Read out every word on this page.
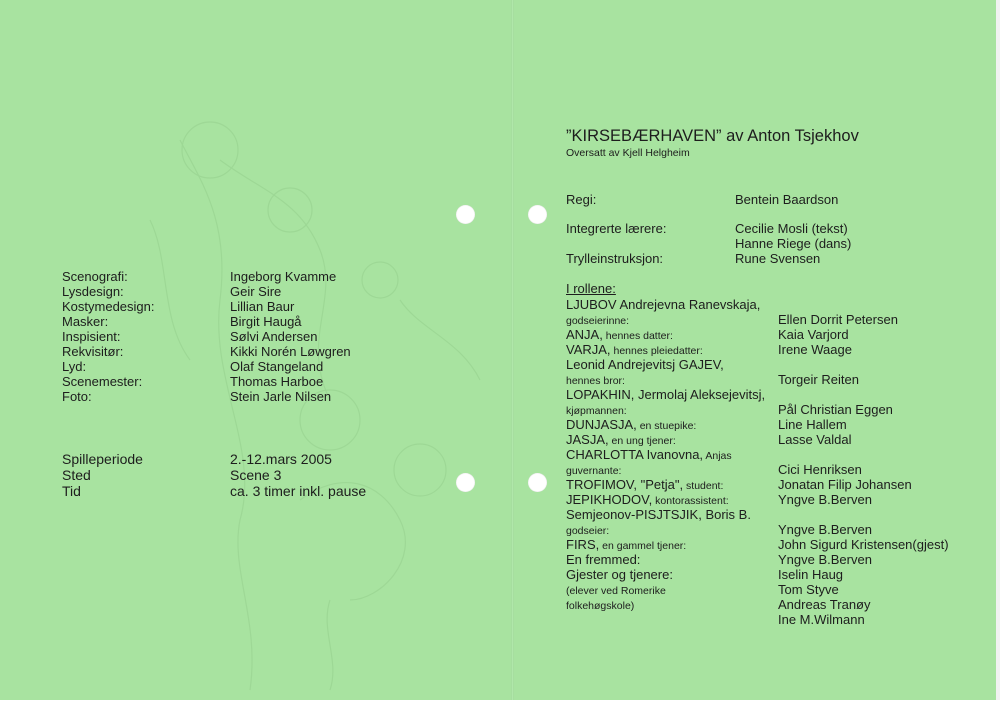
Scenografi:	Ingeborg Kvamme
Lysdesign:	Geir Sire
Kostymedesign:	Lillian Baur
Masker:	Birgit Haugå
Inspisient:	Sølvi Andersen
Rekvisitør:	Kikki Norén Løwgren
Lyd:	Olaf Stangeland
Scenemester:	Thomas Harboe
Foto:	Stein Jarle Nilsen
Spilleperiode	2.-12.mars 2005
Sted	Scene 3
Tid	ca. 3 timer inkl. pause
”KIRSEBÆRHAVEN” av Anton Tsjekhov
Oversatt av Kjell Helgheim
Regi:	Bentein Baardson
Integrerte lærere:	Cecilie Mosli (tekst)
Hanne Riege (dans)
Trylleinstruksjon:	Rune Svensen
I rollene:
LJUBOV Andrejevna Ranevskaja,
godseierinne:	Ellen Dorrit Petersen
ANJA, hennes datter:	Kaia Varjord
VARJA, hennes pleiedatter:	Irene Waage
Leonid Andrejevitsj GAJEV,
hennes bror:	Torgeir Reiten
LOPAKHIN, Jermolaj Aleksejevitsj,
kjøpmannen:	Pål Christian Eggen
DUNJASJA, en stuepike:	Line Hallem
JASJA, en ung tjener:	Lasse Valdal
CHARLOTTA Ivanovna, Anjas
guvernante:	Cici Henriksen
TROFIMOV, "Petja", student:	Jonatan Filip Johansen
JEPIKHODOV, kontorassistent:	Yngve B.Berven
Semjeonov-PISJTSJIK, Boris B.
godseier:	Yngve B.Berven
FIRS, en gammel tjener:	John Sigurd Kristensen(gjest)
En fremmed:	Yngve B.Berven
Gjester og tjenere:	Iselin Haug
(elever ved Romerike	Tom Styve
folkehøgskole)	Andreas Tranøy
Ine M.Wilmann
